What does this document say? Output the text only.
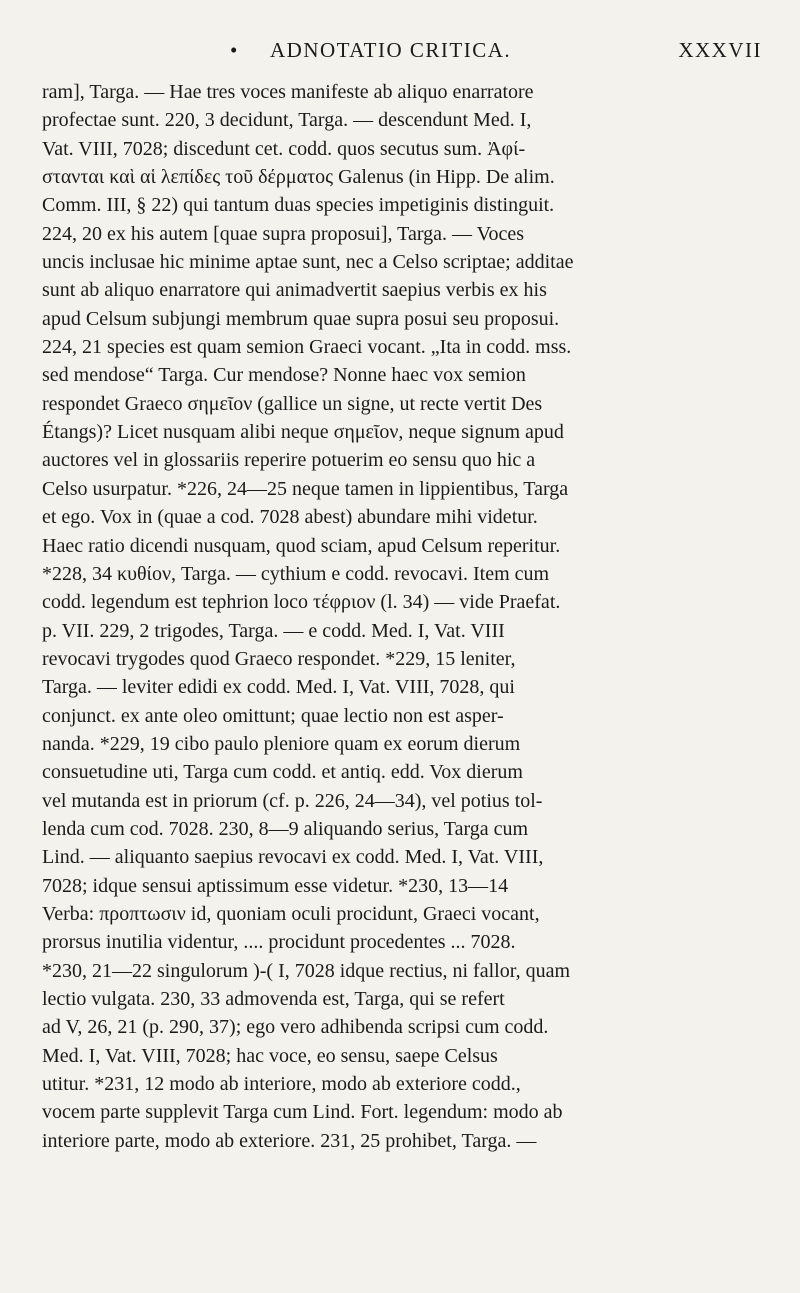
• ADNOTATIO CRITICA.	XXXVII
ram], Targa. — Hae tres voces manifeste ab aliquo enarratore
profectae sunt. 220, 3 decidunt, Targa. — descendunt Med. I,
Vat. VIII, 7028; discedunt cet. codd. quos secutus sum. Ἀφί-
στανται καὶ αἱ λεπίδες τοῦ δέρματος Galenus (in Hipp. De alim.
Comm. III, § 22) qui tantum duas species impetiginis distinguit.
224, 20 ex his autem [quae supra proposui], Targa. — Voces
uncis inclusae hic minime aptae sunt, nec a Celso scriptae; additae
sunt ab aliquo enarratore qui animadvertit saepius verbis ex his
apud Celsum subjungi membrum quae supra posui seu proposui.
224, 21 species est quam semion Graeci vocant. „Ita in codd. mss.
sed mendose“ Targa. Cur mendose? Nonne haec vox semion
respondet Graeco σημεῖον (gallice un signe, ut recte vertit Des
Étangs)? Licet nusquam alibi neque σημεῖον, neque signum apud
auctores vel in glossariis reperire potuerim eo sensu quo hic a
Celso usurpatur. *226, 24—25 neque tamen in lippientibus, Targa
et ego. Vox in (quae a cod. 7028 abest) abundare mihi videtur.
Haec ratio dicendi nusquam, quod sciam, apud Celsum reperitur.
*228, 34 κυθίον, Targa. — cythium e codd. revocavi. Item cum
codd. legendum est tephrion loco τέφριον (l. 34) — vide Praefat.
p. VII. 229, 2 trigodes, Targa. — e codd. Med. I, Vat. VIII
revocavi trygodes quod Graeco respondet. *229, 15 leniter,
Targa. — leviter edidi ex codd. Med. I, Vat. VIII, 7028, qui
conjunct. ex ante oleo omittunt; quae lectio non est asper-
nanda. *229, 19 cibo paulo pleniore quam ex eorum dierum
consuetudine uti, Targa cum codd. et antiq. edd. Vox dierum
vel mutanda est in priorum (cf. p. 226, 24—34), vel potius tol-
lenda cum cod. 7028. 230, 8—9 aliquando serius, Targa cum
Lind. — aliquanto saepius revocavi ex codd. Med. I, Vat. VIII,
7028; idque sensui aptissimum esse videtur. *230, 13—14
Verba: προπτωσιν id, quoniam oculi procidunt, Graeci vocant,
prorsus inutilia videntur, .... procidunt procedentes ... 7028.
*230, 21—22 singulorum )-( I, 7028 idque rectius, ni fallor, quam
lectio vulgata. 230, 33 admovenda est, Targa, qui se refert
ad V, 26, 21 (p. 290, 37); ego vero adhibenda scripsi cum codd.
Med. I, Vat. VIII, 7028; hac voce, eo sensu, saepe Celsus
utitur. *231, 12 modo ab interiore, modo ab exteriore codd.,
vocem parte supplevit Targa cum Lind. Fort. legendum: modo ab
interiore parte, modo ab exteriore. 231, 25 prohibet, Targa. —
